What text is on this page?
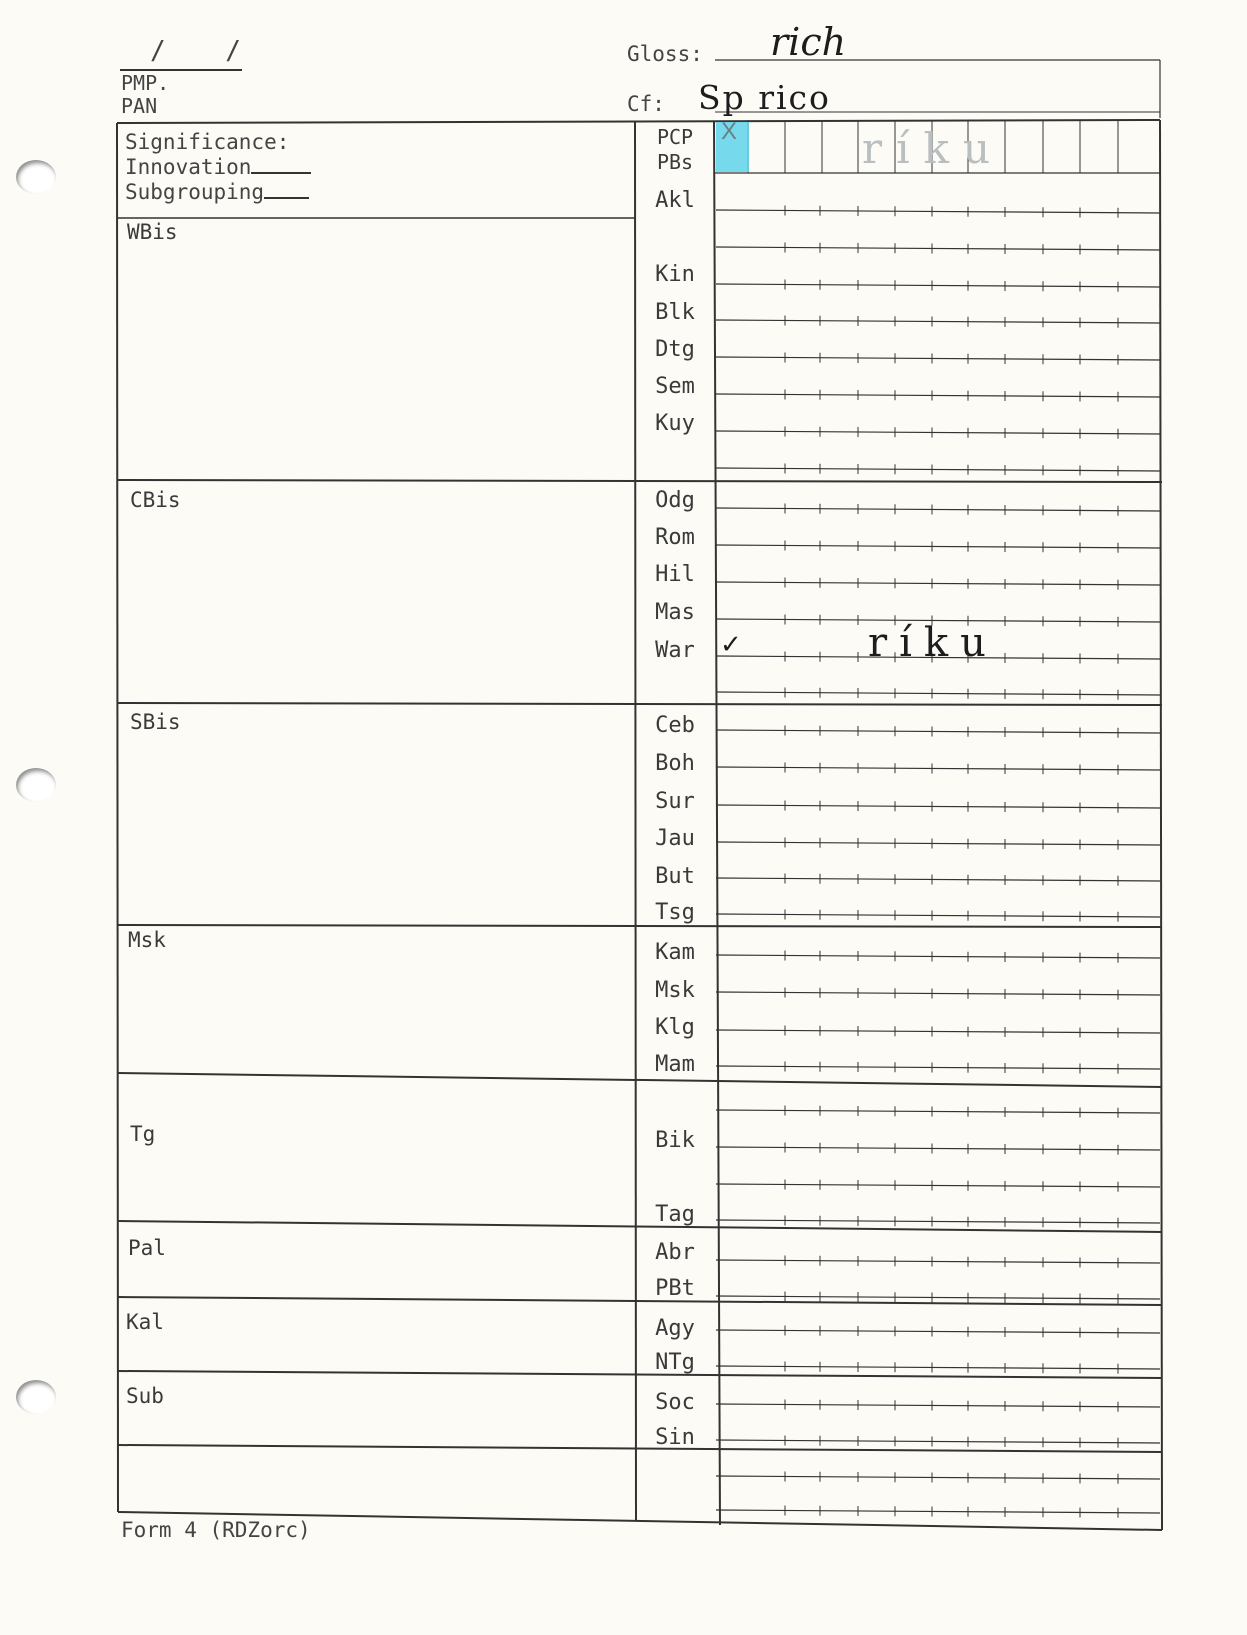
/ /
PMP.
PAN
Gloss: rich
Cf: Sp rico
Significance:
Innovation
Subgrouping
WBis
CBis
SBis
Msk
Tg
Pal
Kal
Sub
PCP
PBs
Akl
Kin
Blk
Dtg
Sem
Kuy
Odg
Rom
Hil
Mas
War
Ceb
Boh
Sur
Jau
But
Tsg
Kam
Msk
Klg
Mam
Bik
Tag
Abr
PBt
Agy
NTg
Soc
Sin
X	ríku
✓	ríku
Form 4 (RDZorc)
